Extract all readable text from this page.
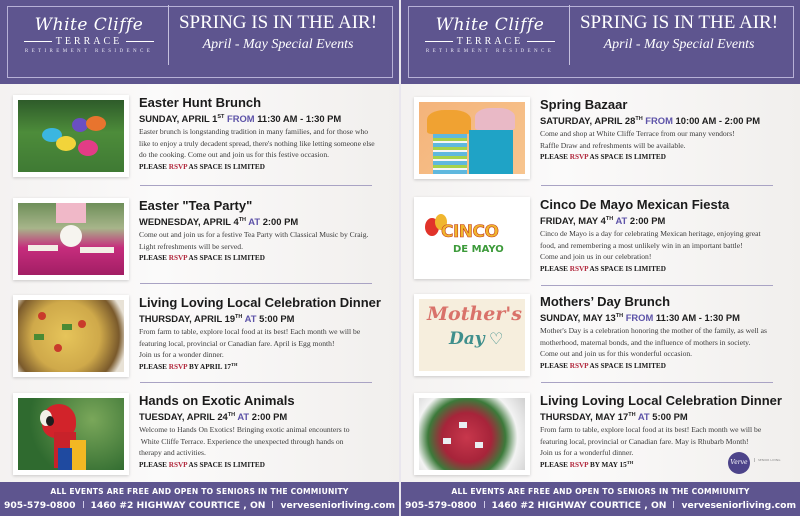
White Cliffe
TERRACE
RETIREMENT RESIDENCE
SPRING IS IN THE AIR!
April - May Special Events
Easter Hunt Brunch
SUNDAY, APRIL 1ST FROM 11:30 AM - 1:30 PM
Easter brunch is longstanding tradition in many families, and for those who
like to enjoy a truly decadent spread, there's nothing like letting someone else
do the cooking. Come out and join us for this festive occasion.
PLEASE RSVP AS SPACE IS LIMITED
Easter "Tea Party"
WEDNESDAY, APRIL 4TH AT 2:00 PM
Come out and join us for a festive Tea Party with Classical Music by Craig.
Light refreshments will be served.
PLEASE RSVP AS SPACE IS LIMITED
Living Loving Local Celebration Dinner
THURSDAY, APRIL 19TH AT 5:00 PM
From farm to table, explore local food at its best! Each month we will be
featuring local, provincial or Canadian fare. April is Egg month!
Join us for a wonder dinner.
PLEASE RSVP BY APRIL 17TH
Hands on Exotic Animals
TUESDAY, APRIL 24TH AT 2:00 PM
Welcome to Hands On Exotics! Bringing exotic animal encounters to
White Cliffe Terrace. Experience the unexpected through hands on
therapy and activities.
PLEASE RSVP AS SPACE IS LIMITED
ALL EVENTS ARE FREE AND OPEN TO SENIORS IN THE COMMIUNITY
905-579-0800 1460 #2 HIGHWAY COURTICE , ON verveseniorliving.com
White Cliffe
TERRACE
RETIREMENT RESIDENCE
SPRING IS IN THE AIR!
April - May Special Events
Spring Bazaar
SATURDAY, APRIL 28TH FROM 10:00 AM - 2:00 PM
Come and shop at White Cliffe Terrace from our many vendors!
Raffle Draw and refreshments will be available.
PLEASE RSVP AS SPACE IS LIMITED
CINCO
DE MAYO
Cinco De Mayo Mexican Fiesta
FRIDAY, MAY 4TH AT 2:00 PM
Cinco de Mayo is a day for celebrating Mexican heritage, enjoying great
food, and remembering a most unlikely win in an important battle!
Come and join us in our celebration!
PLEASE RSVP AS SPACE IS LIMITED
Mother's
Day ♡
Mothers’ Day Brunch
SUNDAY, MAY 13TH FROM 11:30 AM - 1:30 PM
Mother's Day is a celebration honoring the mother of the family, as well as
motherhood, maternal bonds, and the influence of mothers in society.
Come out and join us for this wonderful occasion.
PLEASE RSVP AS SPACE IS LIMITED
Living Loving Local Celebration Dinner
THURSDAY, MAY 17TH AT 5:00 PM
From farm to table, explore local food at its best! Each month we will be
featuring local, provincial or Canadian fare. May is Rhubarb Month!
Join us for a wonderful dinner.
PLEASE RSVP BY MAY 15TH	Verve	SENIOR LIVING
ALL EVENTS ARE FREE AND OPEN TO SENIORS IN THE COMMIUNITY
905-579-0800 1460 #2 HIGHWAY COURTICE , ON verveseniorliving.com
